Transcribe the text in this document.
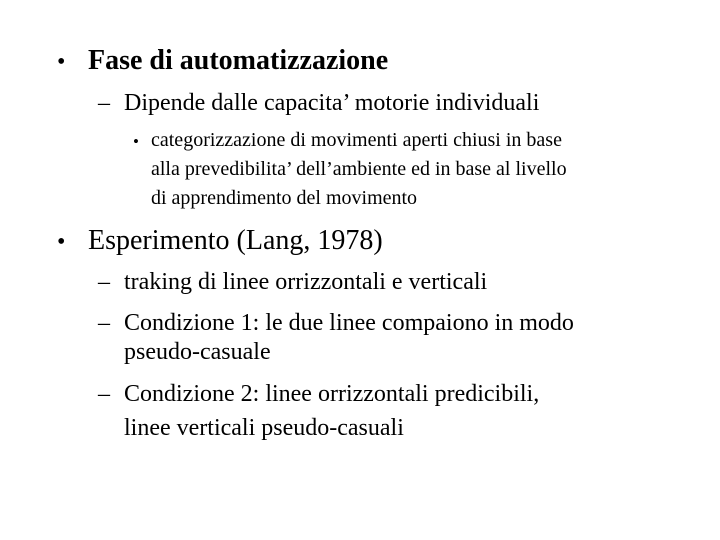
• Fase di automatizzazione
– Dipende dalle capacita’ motorie individuali
• categorizzazione di movimenti aperti chiusi in base
alla prevedibilita’ dell’ambiente ed in base al livello
di apprendimento del movimento
• Esperimento (Lang, 1978)
– traking di linee orrizzontali e verticali
– Condizione 1: le due linee compaiono in modo
pseudo-casuale
– Condizione 2: linee orrizzontali predicibili,
linee verticali pseudo-casuali
